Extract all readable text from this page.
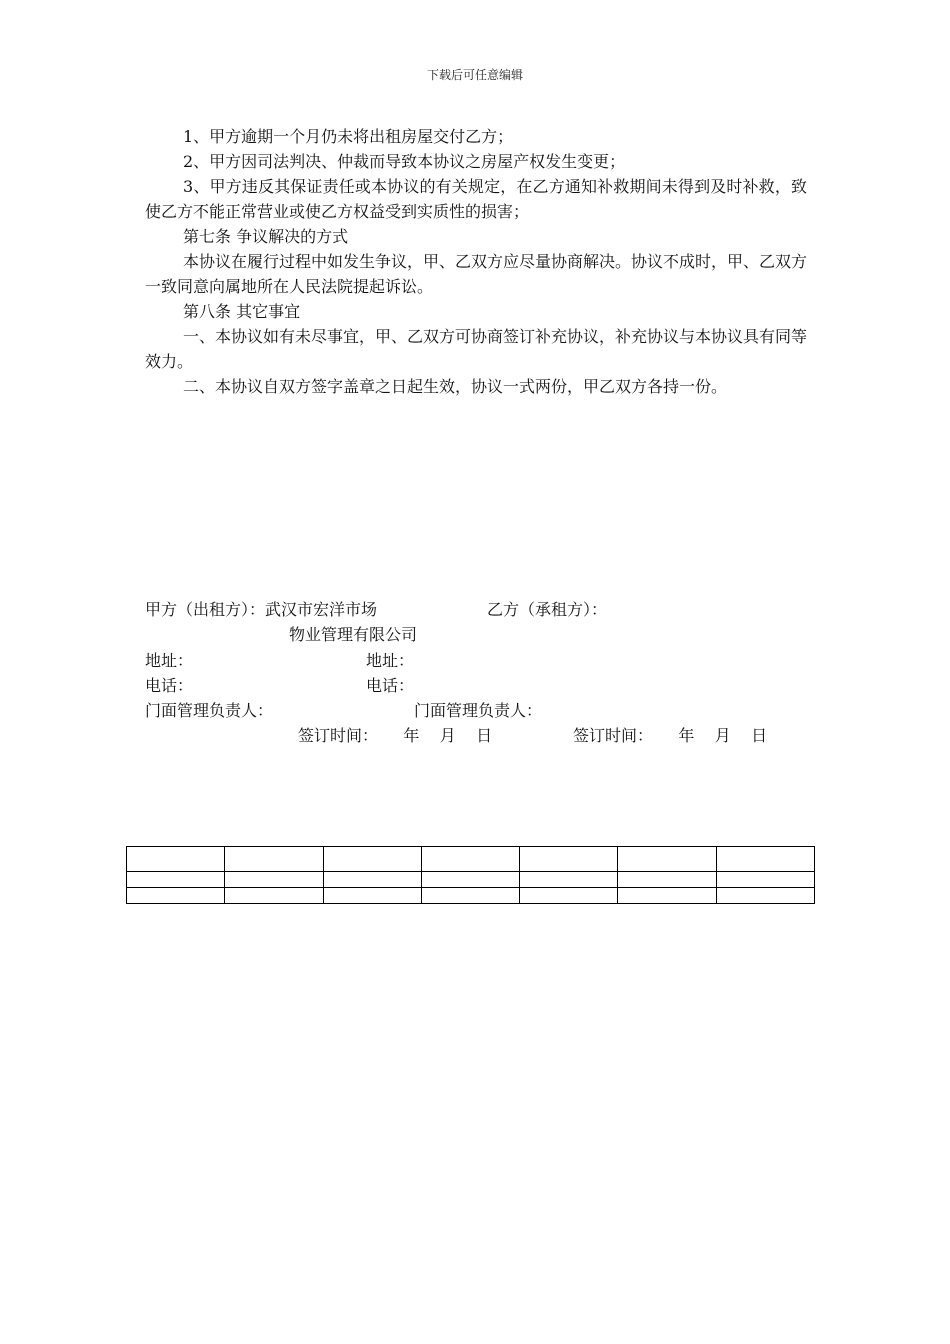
下载后可任意编辑

1、甲方逾期一个月仍未将出租房屋交付乙方；

2、甲方因司法判决、仲裁而导致本协议之房屋产权发生变更；

3、甲方违反其保证责任或本协议的有关规定，在乙方通知补救期间未得到及时补救，致使乙方不能正常营业或使乙方权益受到实质性的损害；

第七条 争议解决的方式

本协议在履行过程中如发生争议，甲、乙双方应尽量协商解决。协议不成时，甲、乙双方一致同意向属地所在人民法院提起诉讼。

第八条 其它事宜

一、本协议如有未尽事宜，甲、乙双方可协商签订补充协议，补充协议与本协议具有同等效力。

二、本协议自双方签字盖章之日起生效，协议一式两份，甲乙双方各持一份。

甲方（出租方）：武汉市宏洋市场	乙方（承租方）：
物业管理有限公司
地址：	地址：
电话：	电话：
门面管理负责人：	门面管理负责人：
签订时间：     年    月    日	签订时间：     年    月    日
